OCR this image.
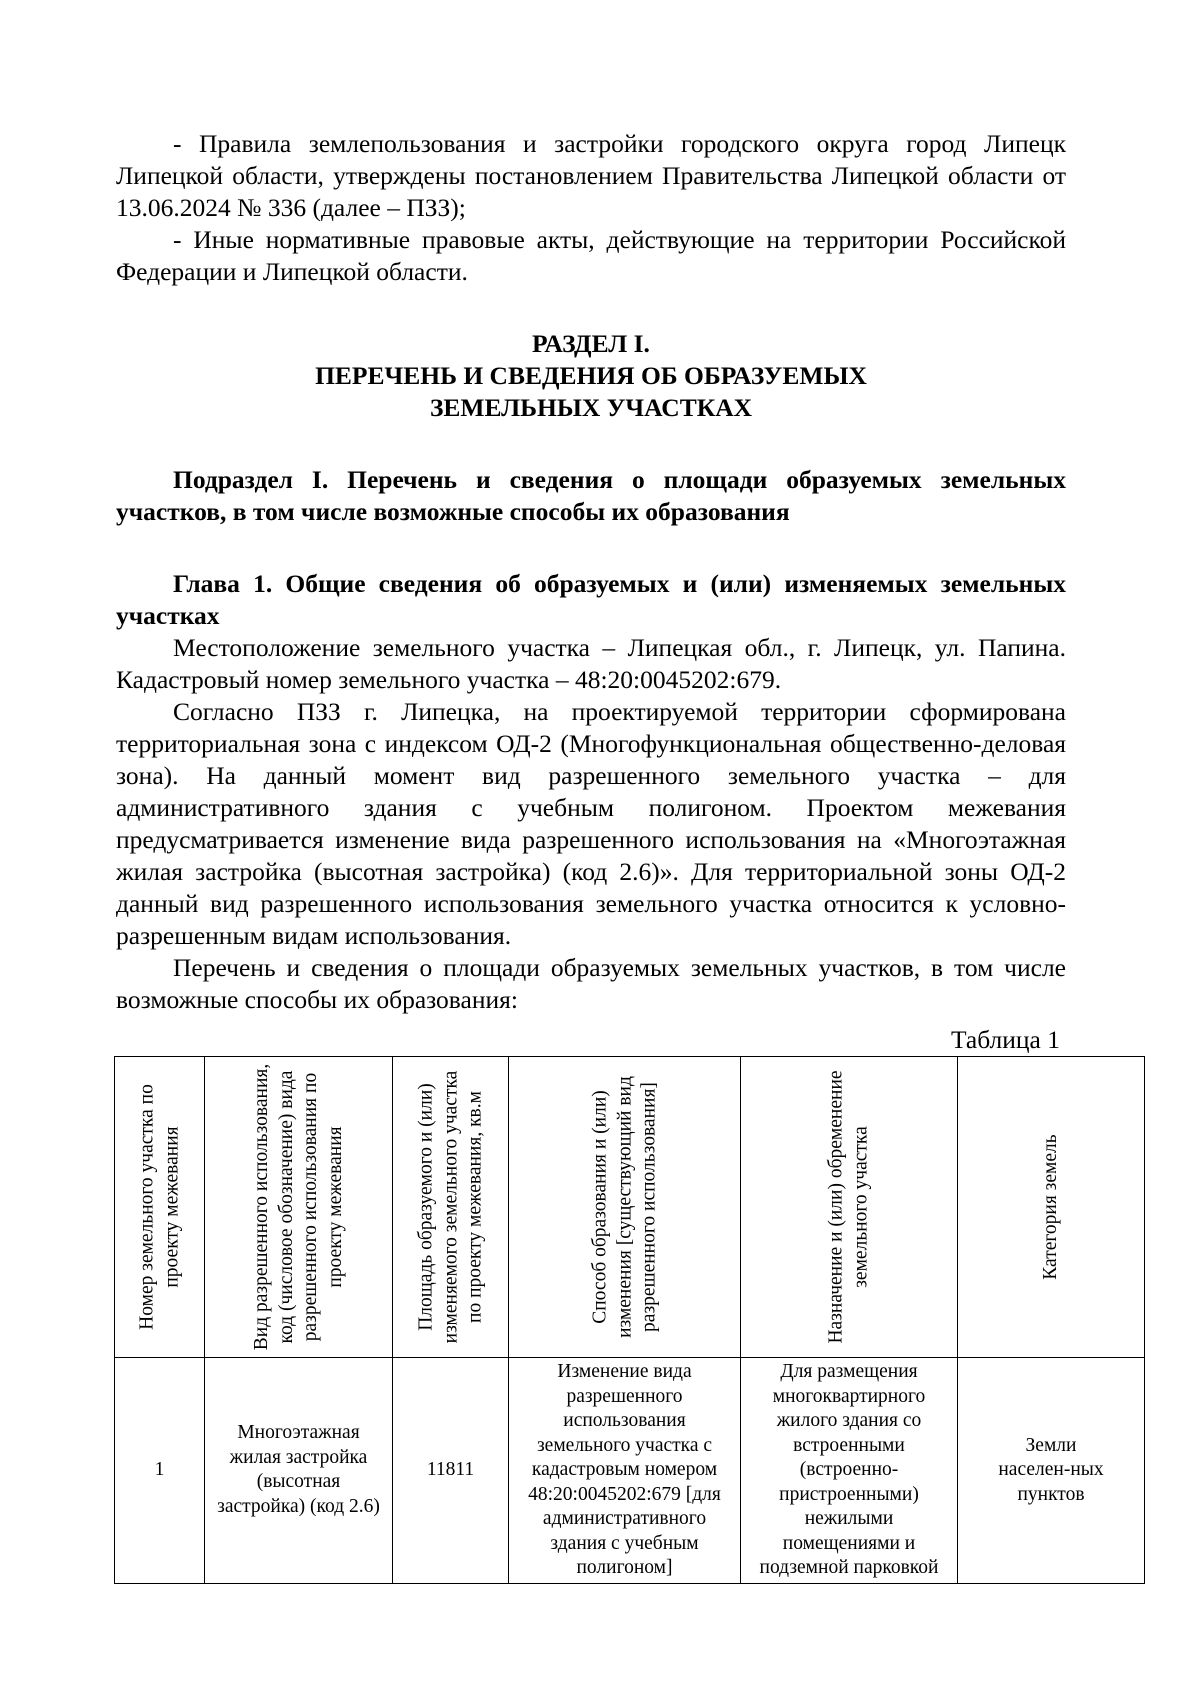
- Правила землепользования и застройки городского округа город Липецк Липецкой области, утверждены постановлением Правительства Липецкой области от 13.06.2024 № 336 (далее – ПЗЗ);

- Иные нормативные правовые акты, действующие на территории Российской Федерации и Липецкой области.

РАЗДЕЛ I.

ПЕРЕЧЕНЬ И СВЕДЕНИЯ ОБ ОБРАЗУЕМЫХ

ЗЕМЕЛЬНЫХ УЧАСТКАХ

Подраздел I. Перечень и сведения о площади образуемых земельных участков, в том числе возможные способы их образования

Глава 1. Общие сведения об образуемых и (или) изменяемых земельных участках

Местоположение земельного участка – Липецкая обл., г. Липецк, ул. Папина. Кадастровый номер земельного участка – 48:20:0045202:679.

Согласно ПЗЗ г. Липецка, на проектируемой территории сформирована территориальная зона с индексом ОД-2 (Многофункциональная общественно-деловая зона). На данный момент вид разрешенного земельного участка – для административного здания с учебным полигоном. Проектом межевания предусматривается изменение вида разрешенного использования на «Многоэтажная жилая застройка (высотная застройка) (код 2.6)». Для территориальной зоны ОД-2 данный вид разрешенного использования земельного участка относится к условно-разрешенным видам использования.

Перечень и сведения о площади образуемых земельных участков, в том числе возможные способы их образования:

Таблица 1

Номер земельного участка по проекту межевания	Вид разрешенного использования, код (числовое обозначение) вида разрешенного использования по проекту межевания	Площадь образуемого и (или) изменяемого земельного участка по проекту межевания, кв.м	Способ образования и (или) изменения [существующий вид разрешенного использования]	Назначение и (или) обременение земельного участка	Категория земель

1	Многоэтажная жилая застройка (высотная застройка) (код 2.6)	11811	Изменение вида разрешенного использования земельного участка с кадастровым номером 48:20:0045202:679 [для административного здания с учебным полигоном]	Для размещения многоквартирного жилого здания со встроенными (встроенно-пристроенными) нежилыми помещениями и подземной парковкой	Земли населен-ных пунктов
